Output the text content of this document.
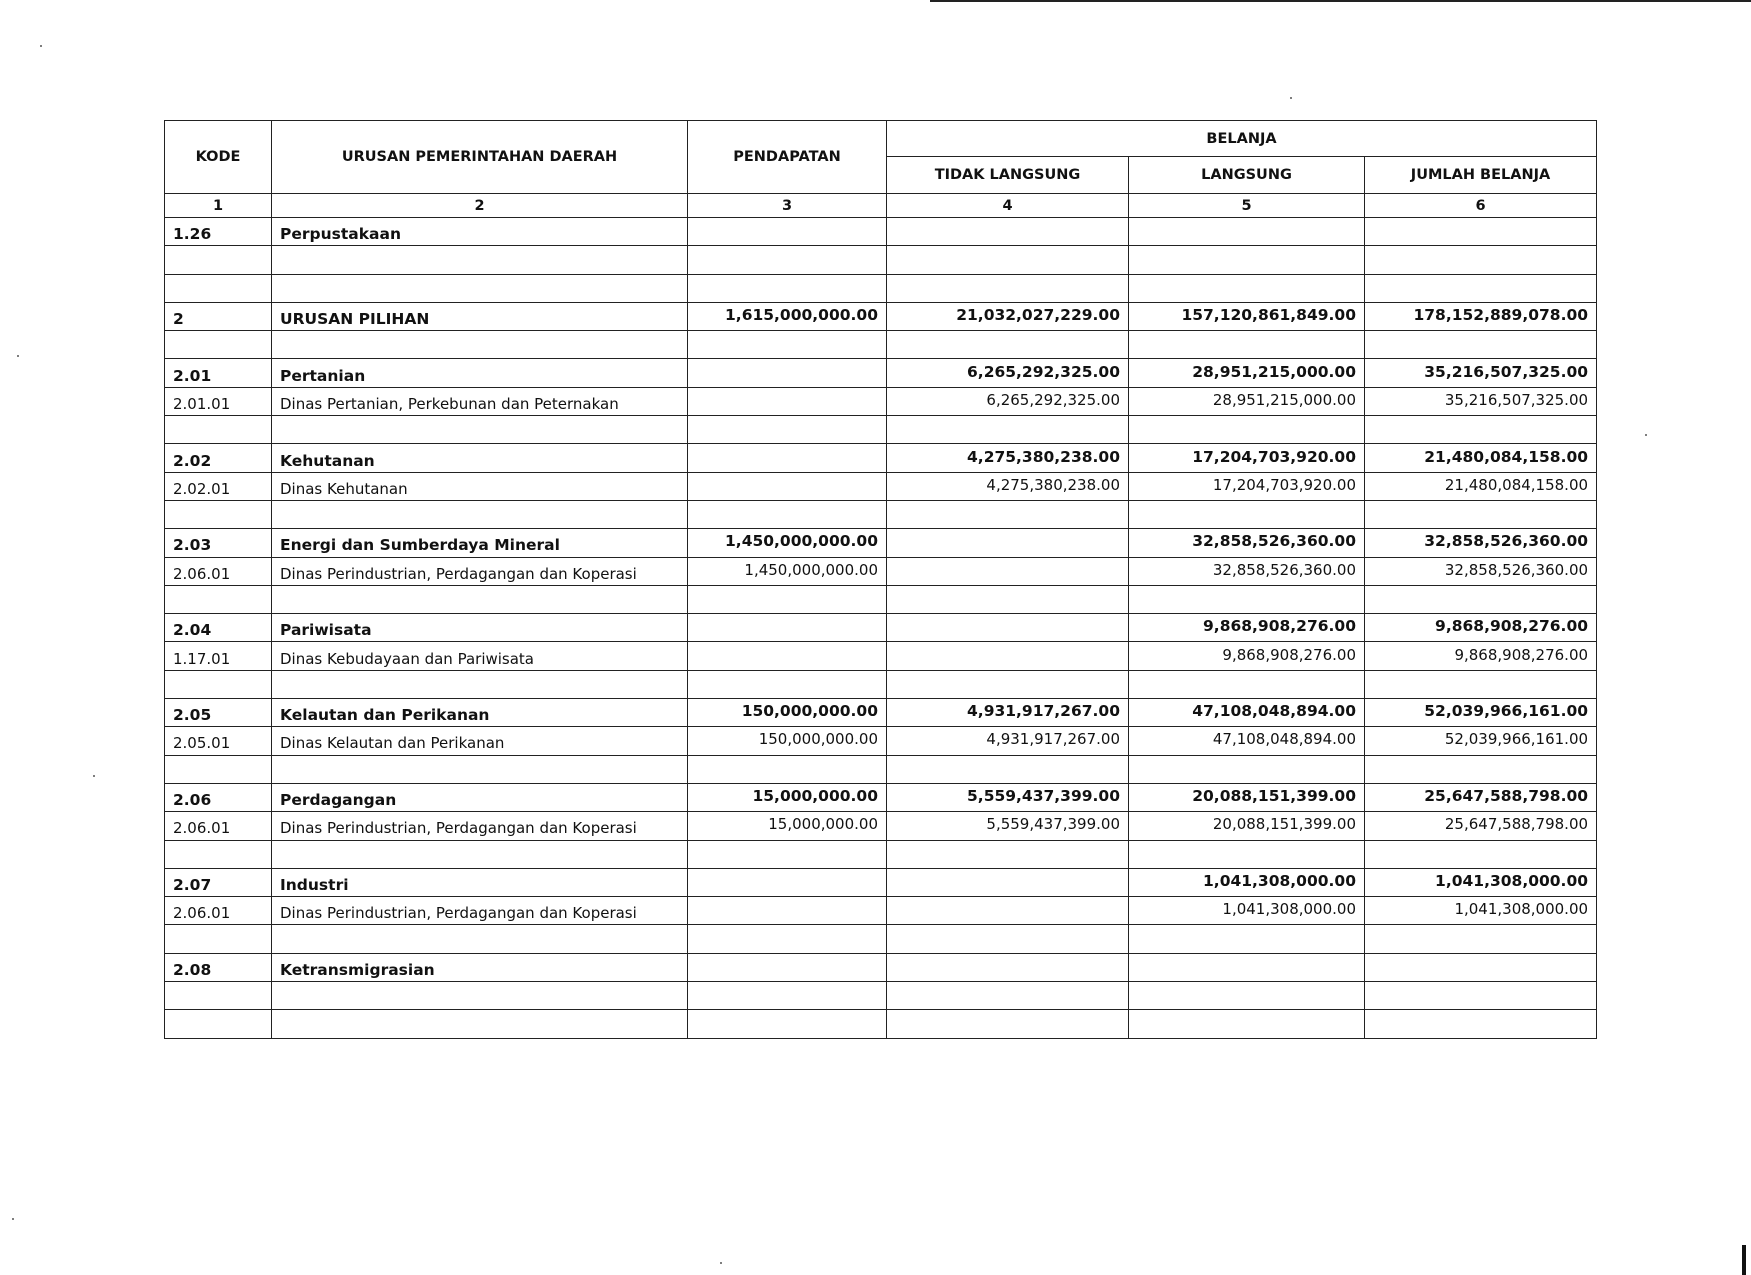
KODE	URUSAN PEMERINTAHAN DAERAH	PENDAPATAN	BELANJA		
			TIDAK LANGSUNG	LANGSUNG	JUMLAH BELANJA
1	2	3	4	5	6
1.26	Perpustakaan				

2	URUSAN PILIHAN	1,615,000,000.00	21,032,027,229.00	157,120,861,849.00	178,152,889,078.00

2.01	Pertanian		6,265,292,325.00	28,951,215,000.00	35,216,507,325.00
2.01.01	Dinas Pertanian, Perkebunan dan Peternakan		6,265,292,325.00	28,951,215,000.00	35,216,507,325.00

2.02	Kehutanan		4,275,380,238.00	17,204,703,920.00	21,480,084,158.00
2.02.01	Dinas Kehutanan		4,275,380,238.00	17,204,703,920.00	21,480,084,158.00

2.03	Energi dan Sumberdaya Mineral	1,450,000,000.00		32,858,526,360.00	32,858,526,360.00
2.06.01	Dinas Perindustrian, Perdagangan dan Koperasi	1,450,000,000.00		32,858,526,360.00	32,858,526,360.00

2.04	Pariwisata			9,868,908,276.00	9,868,908,276.00
1.17.01	Dinas Kebudayaan dan Pariwisata			9,868,908,276.00	9,868,908,276.00

2.05	Kelautan dan Perikanan	150,000,000.00	4,931,917,267.00	47,108,048,894.00	52,039,966,161.00
2.05.01	Dinas Kelautan dan Perikanan	150,000,000.00	4,931,917,267.00	47,108,048,894.00	52,039,966,161.00

2.06	Perdagangan	15,000,000.00	5,559,437,399.00	20,088,151,399.00	25,647,588,798.00
2.06.01	Dinas Perindustrian, Perdagangan dan Koperasi	15,000,000.00	5,559,437,399.00	20,088,151,399.00	25,647,588,798.00

2.07	Industri			1,041,308,000.00	1,041,308,000.00
2.06.01	Dinas Perindustrian, Perdagangan dan Koperasi			1,041,308,000.00	1,041,308,000.00

2.08	Ketransmigrasian				
